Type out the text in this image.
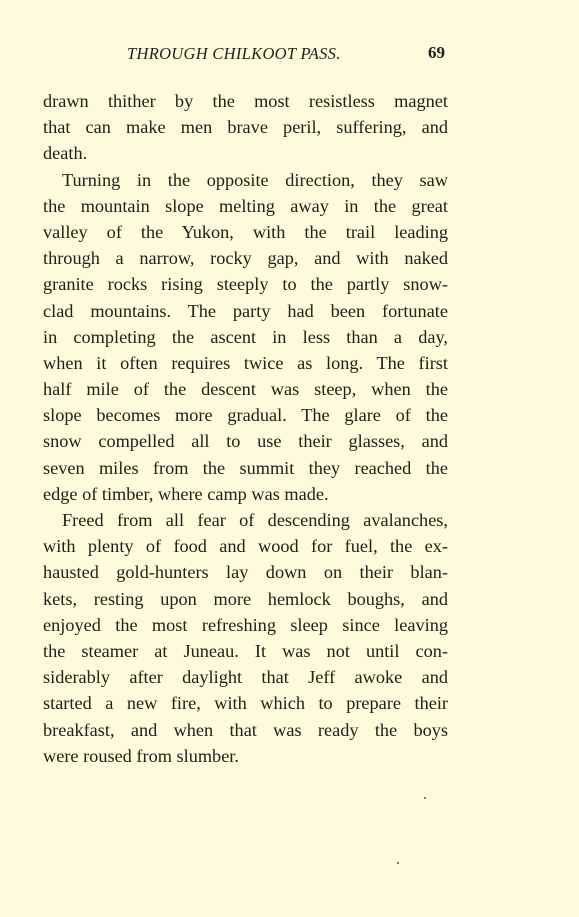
THROUGH CHILKOOT PASS.	69
drawn thither by the most resistless magnet
that can make men brave peril, suffering, and
death.
Turning in the opposite direction, they saw
the mountain slope melting away in the great
valley of the Yukon, with the trail leading
through a narrow, rocky gap, and with naked
granite rocks rising steeply to the partly snow-
clad mountains. The party had been fortunate
in completing the ascent in less than a day,
when it often requires twice as long. The first
half mile of the descent was steep, when the
slope becomes more gradual. The glare of the
snow compelled all to use their glasses, and
seven miles from the summit they reached the
edge of timber, where camp was made.
Freed from all fear of descending avalanches,
with plenty of food and wood for fuel, the ex-
hausted gold-hunters lay down on their blan-
kets, resting upon more hemlock boughs, and
enjoyed the most refreshing sleep since leaving
the steamer at Juneau. It was not until con-
siderably after daylight that Jeff awoke and
started a new fire, with which to prepare their
breakfast, and when that was ready the boys
were roused from slumber.
